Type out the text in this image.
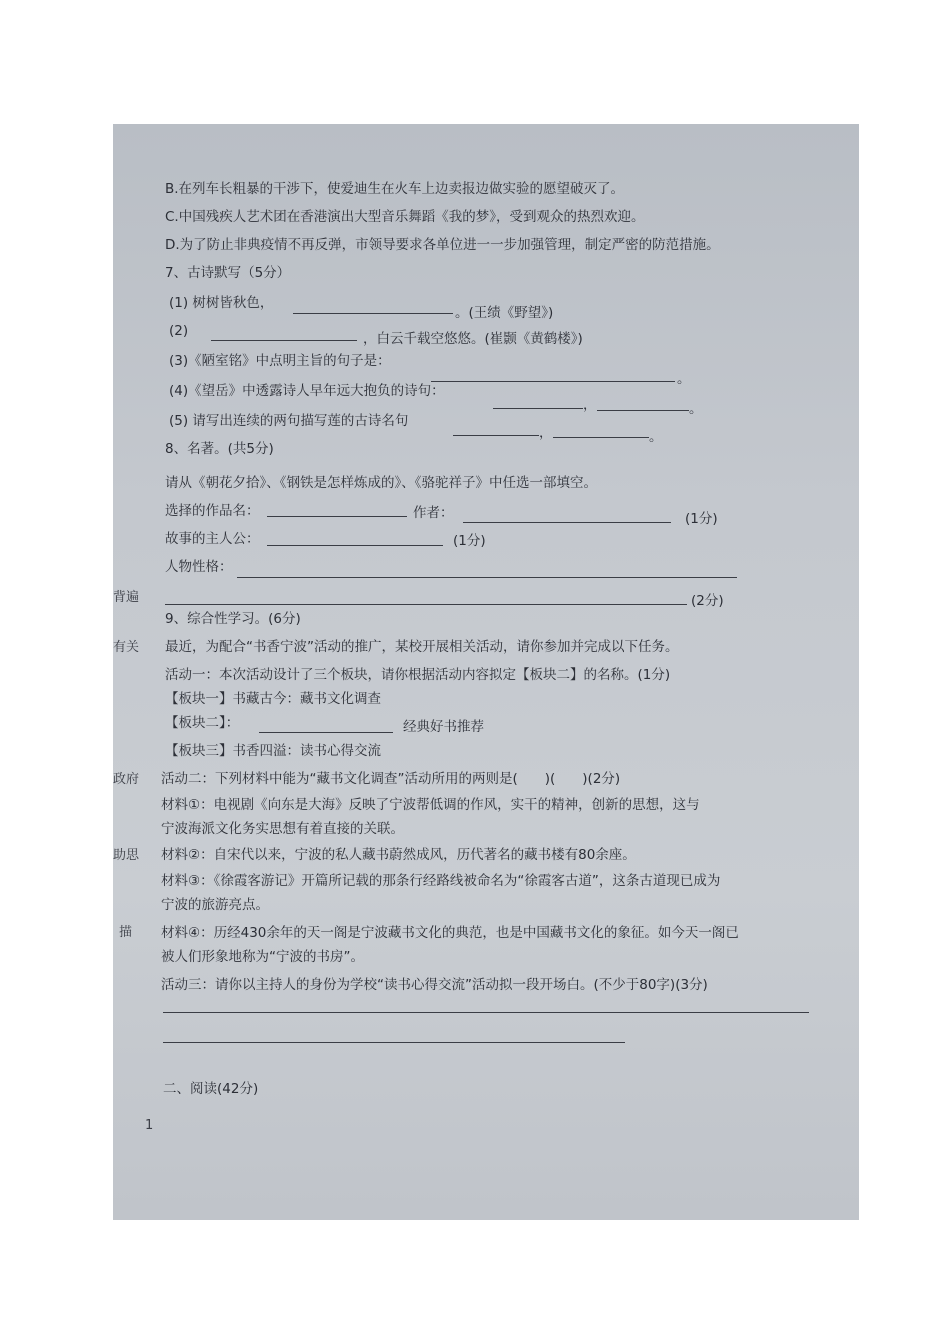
背遍
有关
政府
助思
描
B.在列车长粗暴的干涉下，使爱迪生在火车上边卖报边做实验的愿望破灭了。
C.中国残疾人艺术团在香港演出大型音乐舞蹈《我的梦》，受到观众的热烈欢迎。
D.为了防止非典疫情不再反弹，市领导要求各单位进一一步加强管理，制定严密的防范措施。
7、古诗默写（5分）
(1) 树树皆秋色，
。(王绩《野望》)
(2)	，白云千载空悠悠。(崔颢《黄鹤楼》)
(3)《陋室铭》中点明主旨的句子是：
。
(4)《望岳》中透露诗人早年远大抱负的诗句：
，	。
(5) 请写出连续的两句描写莲的古诗名句
，	。
8、名著。(共5分)
请从《朝花夕拾》、《钢铁是怎样炼成的》、《骆驼祥子》中任选一部填空。
选择的作品名：	作者：	(1分)
故事的主人公：	(1分)
人物性格：
(2分)
9、综合性学习。(6分)
最近，为配合“书香宁波”活动的推广，某校开展相关活动，请你参加并完成以下任务。
活动一：本次活动设计了三个板块，请你根据活动内容拟定【板块二】的名称。(1分)
【板块一】书藏古今：藏书文化调查
【板块二】：	经典好书推荐
【板块三】书香四溢：读书心得交流
活动二：下列材料中能为“藏书文化调查”活动所用的两则是(　　)(　　)(2分)
材料①：电视剧《向东是大海》反映了宁波帮低调的作风，实干的精神，创新的思想，这与
宁波海派文化务实思想有着直接的关联。
材料②：自宋代以来，宁波的私人藏书蔚然成风，历代著名的藏书楼有80余座。
材料③：《徐霞客游记》开篇所记载的那条行经路线被命名为“徐霞客古道”，这条古道现已成为
宁波的旅游亮点。
材料④：历经430余年的天一阁是宁波藏书文化的典范，也是中国藏书文化的象征。如今天一阁已
被人们形象地称为“宁波的书房”。
活动三：请你以主持人的身份为学校“读书心得交流”活动拟一段开场白。(不少于80字)(3分)
二、阅读(42分)
1
